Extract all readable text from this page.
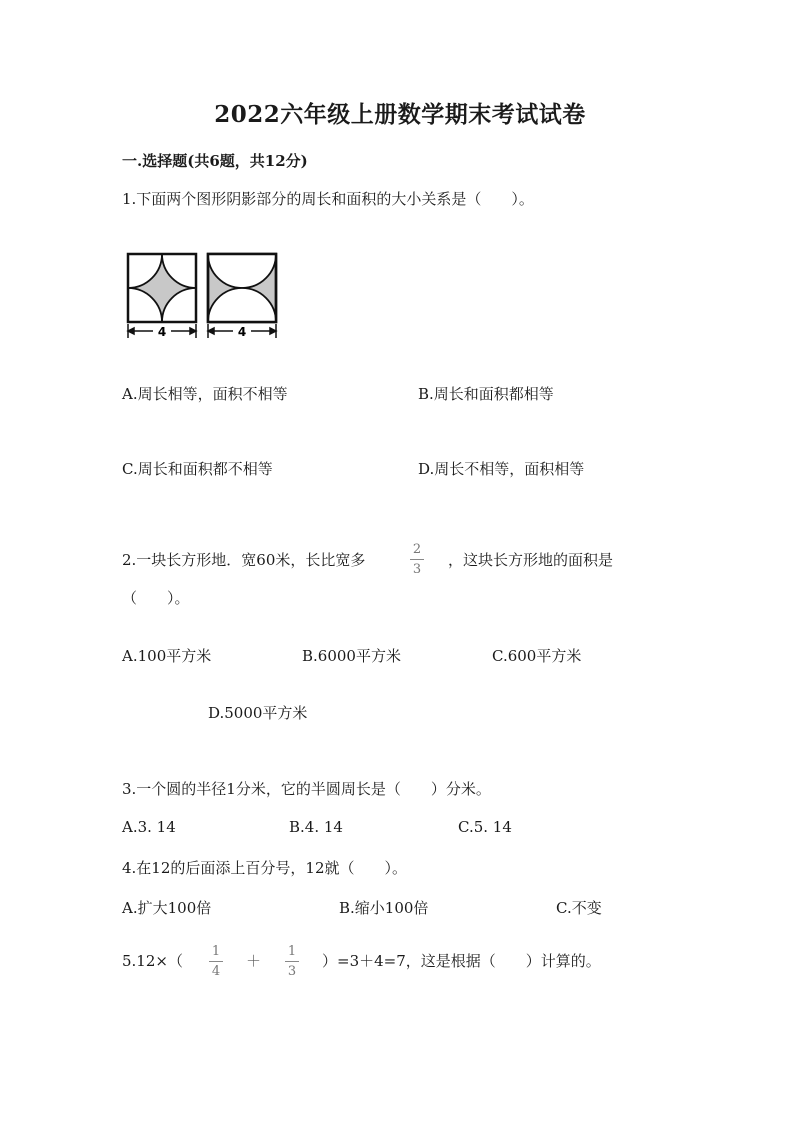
2022六年级上册数学期末考试试卷
一.选择题(共6题，共12分)
1.下面两个图形阴影部分的周长和面积的大小关系是（　　）。
4	4
A.周长相等，面积不相等	B.周长和面积都相等
C.周长和面积都不相等	D.周长不相等，面积相等
2.一块长方形地．宽60米，长比宽多
2
3
，这块长方形地的面积是
（　　）。
A.100平方米	B.6000平方米	C.600平方米
D.5000平方米
3.一个圆的半径1分米，它的半圆周长是（　　）分米。
A.3. 14	B.4. 14	C.5. 14
4.在12的后面添上百分号，12就（　　）。
A.扩大100倍	B.缩小100倍	C.不变
5.12×（
1
4
＋
1
3
）=3＋4=7，这是根据（　　）计算的。
